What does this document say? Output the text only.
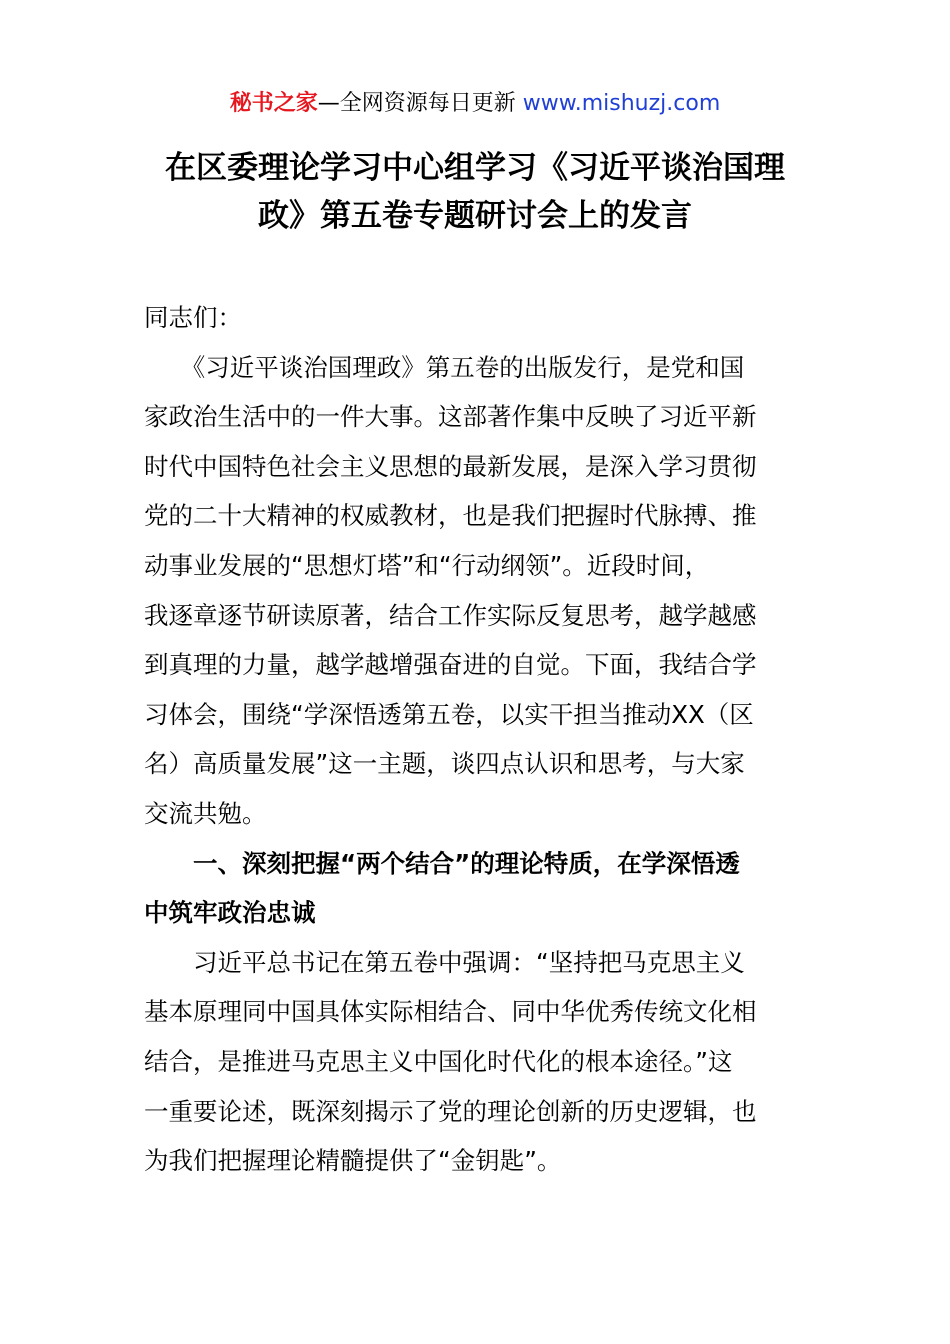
秘书之家—全网资源每日更新 www.mishuzj.com
在区委理论学习中心组学习《习近平谈治国理
政》第五卷专题研讨会上的发言
同志们：
　　《习近平谈治国理政》第五卷的出版发行，是党和国
家政治生活中的一件大事。这部著作集中反映了习近平新
时代中国特色社会主义思想的最新发展，是深入学习贯彻
党的二十大精神的权威教材，也是我们把握时代脉搏、推
动事业发展的“思想灯塔”和“行动纲领”。近段时间，
我逐章逐节研读原著，结合工作实际反复思考，越学越感
到真理的力量，越学越增强奋进的自觉。下面，我结合学
习体会，围绕“学深悟透第五卷，以实干担当推动XX（区
名）高质量发展”这一主题，谈四点认识和思考，与大家
交流共勉。
　　一、深刻把握“两个结合”的理论特质，在学深悟透
中筑牢政治忠诚
　　习近平总书记在第五卷中强调：“坚持把马克思主义
基本原理同中国具体实际相结合、同中华优秀传统文化相
结合，是推进马克思主义中国化时代化的根本途径。”这
一重要论述，既深刻揭示了党的理论创新的历史逻辑，也
为我们把握理论精髓提供了“金钥匙”。
